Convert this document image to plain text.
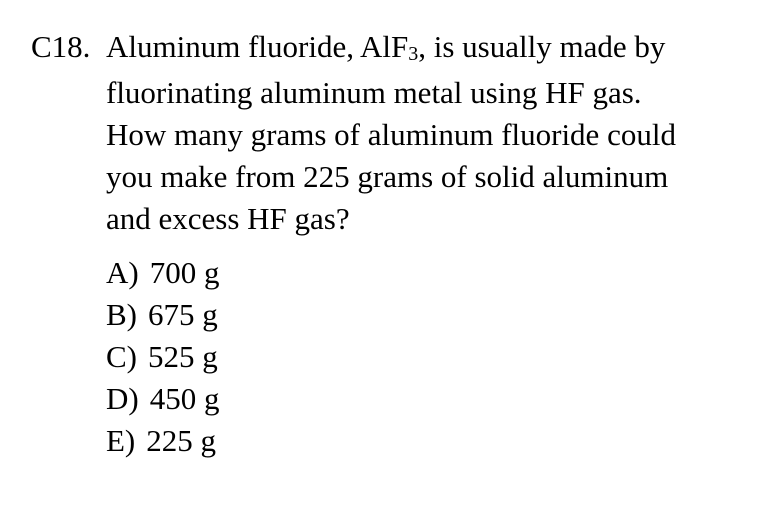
C18. Aluminum fluoride, AlF3, is usually made by
fluorinating aluminum metal using HF gas.
How many grams of aluminum fluoride could
you make from 225 grams of solid aluminum
and excess HF gas?
A) 700 g
B) 675 g
C) 525 g
D) 450 g
E) 225 g
